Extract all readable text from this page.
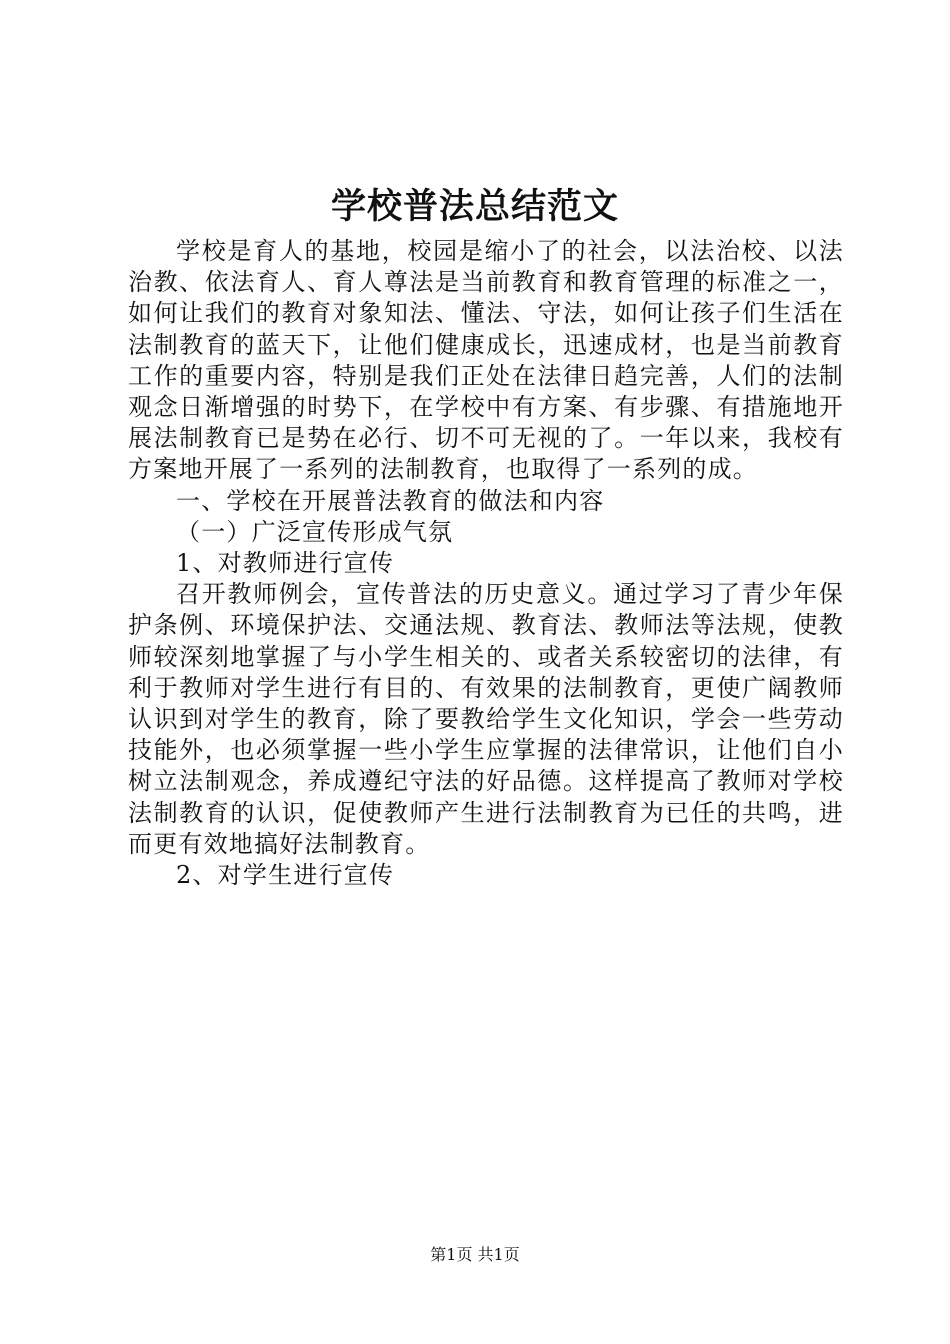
学校普法总结范文

学校是育人的基地，校园是缩小了的社会，以法治校、以法治教、依法育人、育人尊法是当前教育和教育管理的标准之一，如何让我们的教育对象知法、懂法、守法，如何让孩子们生活在法制教育的蓝天下，让他们健康成长，迅速成材，也是当前教育工作的重要内容，特别是我们正处在法律日趋完善，人们的法制观念日渐增强的时势下，在学校中有方案、有步骤、有措施地开展法制教育已是势在必行、切不可无视的了。一年以来，我校有方案地开展了一系列的法制教育，也取得了一系列的成。

一、学校在开展普法教育的做法和内容

（一）广泛宣传形成气氛

1、对教师进行宣传

召开教师例会，宣传普法的历史意义。通过学习了青少年保护条例、环境保护法、交通法规、教育法、教师法等法规，使教师较深刻地掌握了与小学生相关的、或者关系较密切的法律，有利于教师对学生进行有目的、有效果的法制教育，更使广阔教师认识到对学生的教育，除了要教给学生文化知识，学会一些劳动技能外，也必须掌握一些小学生应掌握的法律常识，让他们自小树立法制观念，养成遵纪守法的好品德。这样提高了教师对学校法制教育的认识，促使教师产生进行法制教育为已任的共鸣，进而更有效地搞好法制教育。

2、对学生进行宣传

第1页 共1页
